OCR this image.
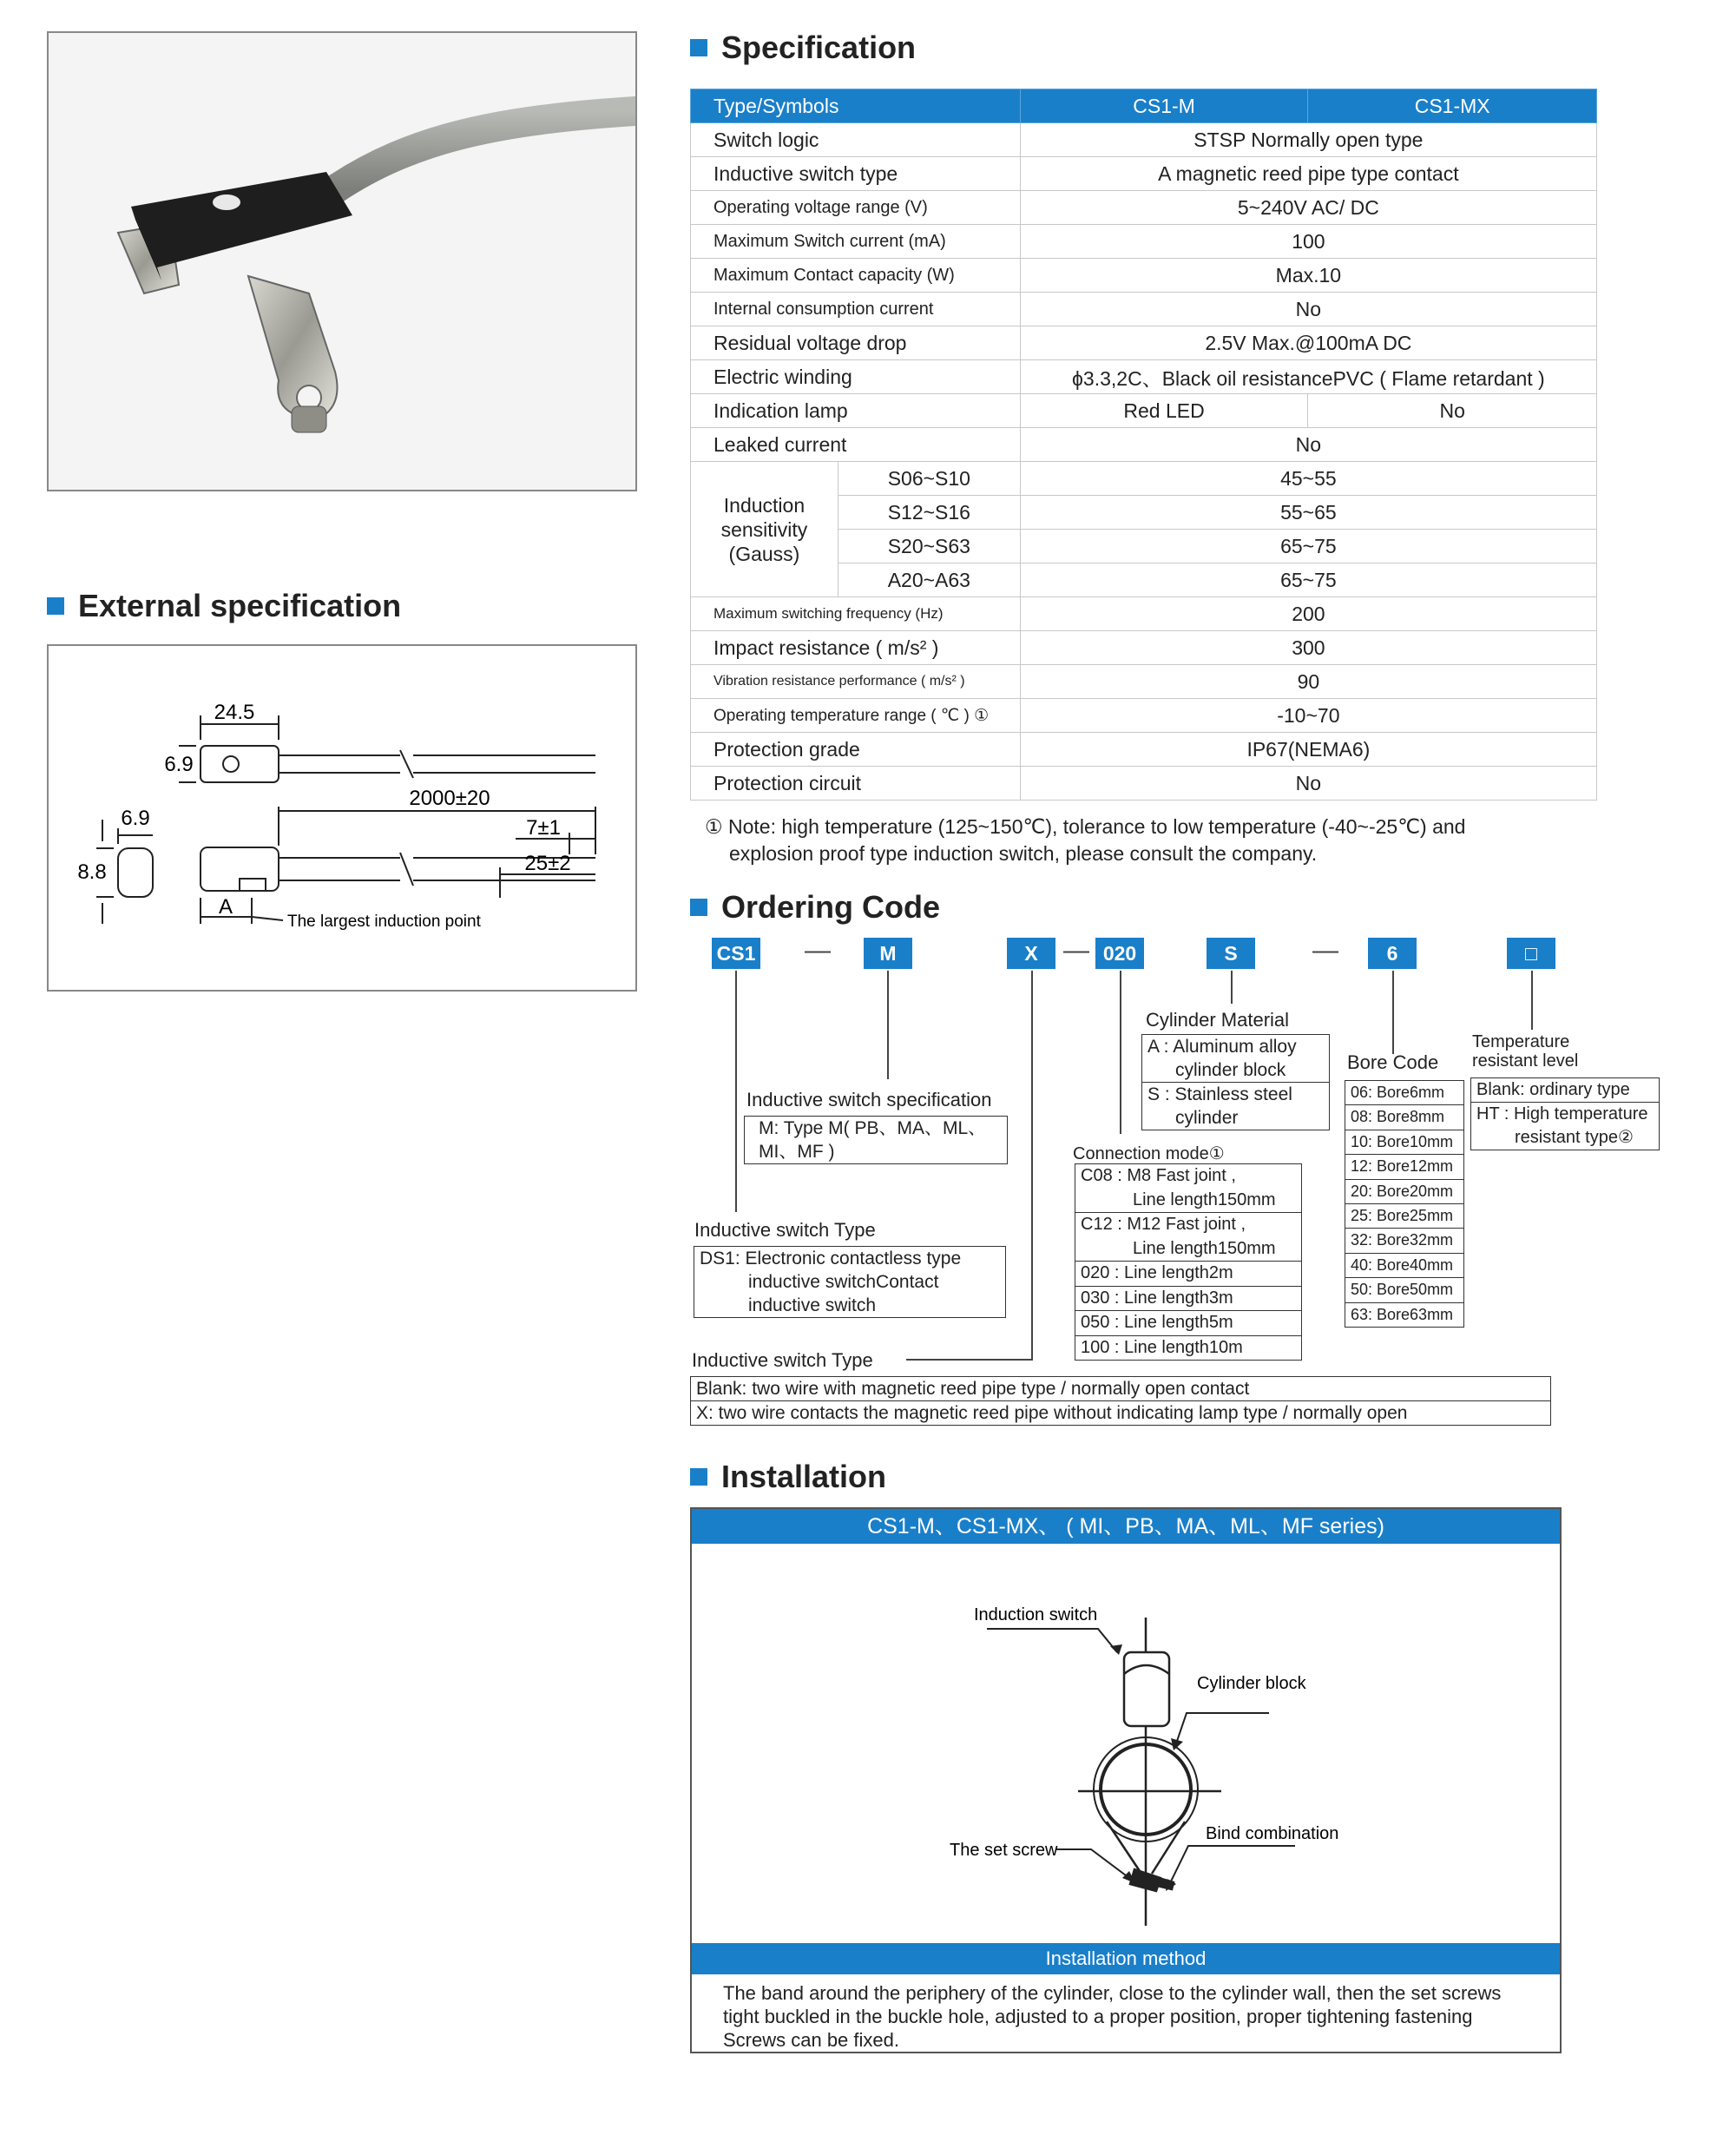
External specification
24.5
6.9
6.9
8.8
2000±20
7±1
25±2
A
The largest induction point
Specification
Type/Symbols		CS1-M	CS1-MX
Switch logic		STSP Normally open type	
Inductive switch type		A magnetic reed pipe type contact	
Operating voltage range (V)		5~240V AC/ DC	
Maximum Switch current (mA)		100	
Maximum Contact capacity (W)		Max.10	
Internal consumption current		No	
Residual voltage drop		2.5V Max.@100mA DC	
Electric winding		ϕ3.3,2C、Black oil resistancePVC ( Flame retardant )	
Indication lamp		Red LED	No
Leaked current		No	

Induction
sensitivity
(Gauss)	S06~S10	45~55	
	S12~S16	55~65	
	S20~S63	65~75	
	A20~A63	65~75	
Maximum switching frequency (Hz)		200	
Impact resistance ( m/s² )		300	
Vibration resistance performance ( m/s² )		90	
Operating temperature range ( ℃ ) ①		-10~70	
Protection grade		IP67(NEMA6)	
Protection circuit		No	
① Note: high temperature (125~150℃), tolerance to low temperature (-40~-25℃) and
explosion proof type induction switch, please consult the company.
Ordering Code
CS1 —	M	X — 020	S	—	6	□
Inductive switch specification
M: Type M( PB、MA、ML、
MI、MF )
Inductive switch Type
DS1: Electronic contactless type
inductive switchContact
inductive switch
Inductive switch Type
Blank: two wire with magnetic reed pipe type / normally open contact
X: two wire contacts the magnetic reed pipe without indicating lamp type / normally open
Connection mode①
C08 : M8 Fast joint ,
Line length150mm
C12 : M12 Fast joint ,
Line length150mm
020 : Line length2m
030 : Line length3m
050 : Line length5m
100 : Line length10m
Cylinder Material
A : Aluminum alloy
cylinder block
S : Stainless steel
cylinder
Bore Code
06: Bore6mm
08: Bore8mm
10: Bore10mm
12: Bore12mm
20: Bore20mm
25: Bore25mm
32: Bore32mm
40: Bore40mm
50: Bore50mm
63: Bore63mm
Temperature
resistant level
Blank: ordinary type
HT : High temperature
resistant type②
Installation
CS1-M、CS1-MX、 ( MI、PB、MA、ML、MF series)
Induction switch
Cylinder block
The set screw
Bind combination
Installation method
The band around the periphery of the cylinder, close to the cylinder wall, then the set screws
tight buckled in the buckle hole, adjusted to a proper position, proper tightening fastening
Screws can be fixed.
